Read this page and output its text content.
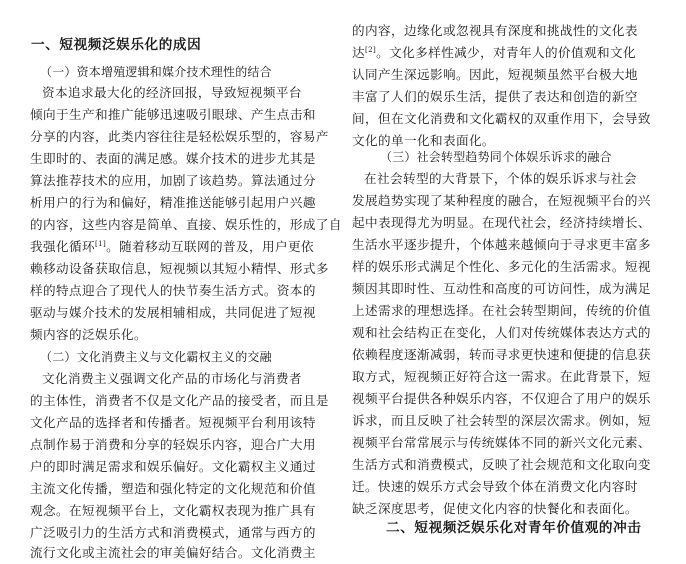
一、短视频泛娱乐化的成因
（一）资本增殖逻辑和媒介技术理性的结合
资本追求最大化的经济回报，导致短视频平台
倾向于生产和推广能够迅速吸引眼球、产生点击和
分享的内容，此类内容往往是轻松娱乐型的，容易产
生即时的、表面的满足感。媒介技术的进步尤其是
算法推荐技术的应用，加剧了该趋势。算法通过分
析用户的行为和偏好，精准推送能够引起用户兴趣
的内容，这些内容是简单、直接、娱乐性的，形成了自
我强化循环[1]。随着移动互联网的普及，用户更依
赖移动设备获取信息，短视频以其短小精悍、形式多
样的特点迎合了现代人的快节奏生活方式。资本的
驱动与媒介技术的发展相辅相成，共同促进了短视
频内容的泛娱乐化。
（二）文化消费主义与文化霸权主义的交融
文化消费主义强调文化产品的市场化与消费者
的主体性，消费者不仅是文化产品的接受者，而且是
文化产品的选择者和传播者。短视频平台利用该特
点制作易于消费和分享的轻娱乐内容，迎合广大用
户的即时满足需求和娱乐偏好。文化霸权主义通过
主流文化传播，塑造和强化特定的文化规范和价值
观念。在短视频平台上，文化霸权表现为推广具有
广泛吸引力的生活方式和消费模式，通常与西方的
流行文化或主流社会的审美偏好结合。文化消费主
的内容，边缘化或忽视具有深度和挑战性的文化表
达[2]。文化多样性减少，对青年人的价值观和文化
认同产生深远影响。因此，短视频虽然平台极大地
丰富了人们的娱乐生活，提供了表达和创造的新空
间，但在文化消费和文化霸权的双重作用下，会导致
文化的单一化和表面化。
（三）社会转型趋势同个体娱乐诉求的融合
在社会转型的大背景下，个体的娱乐诉求与社会
发展趋势实现了某种程度的融合，在短视频平台的兴
起中表现得尤为明显。在现代社会，经济持续增长、
生活水平逐步提升，个体越来越倾向于寻求更丰富多
样的娱乐形式满足个性化、多元化的生活需求。短视
频因其即时性、互动性和高度的可访问性，成为满足
上述需求的理想选择。在社会转型期间，传统的价值
观和社会结构正在变化，人们对传统媒体表达方式的
依赖程度逐渐减弱，转而寻求更快速和便捷的信息获
取方式，短视频正好符合这一需求。在此背景下，短
视频平台提供各种娱乐内容，不仅迎合了用户的娱乐
诉求，而且反映了社会转型的深层次需求。例如，短
视频平台常常展示与传统媒体不同的新兴文化元素、
生活方式和消费模式，反映了社会规范和文化取向变
迁。快速的娱乐方式会导致个体在消费文化内容时
缺乏深度思考，促使文化内容的快餐化和表面化。
二、短视频泛娱乐化对青年价值观的冲击
